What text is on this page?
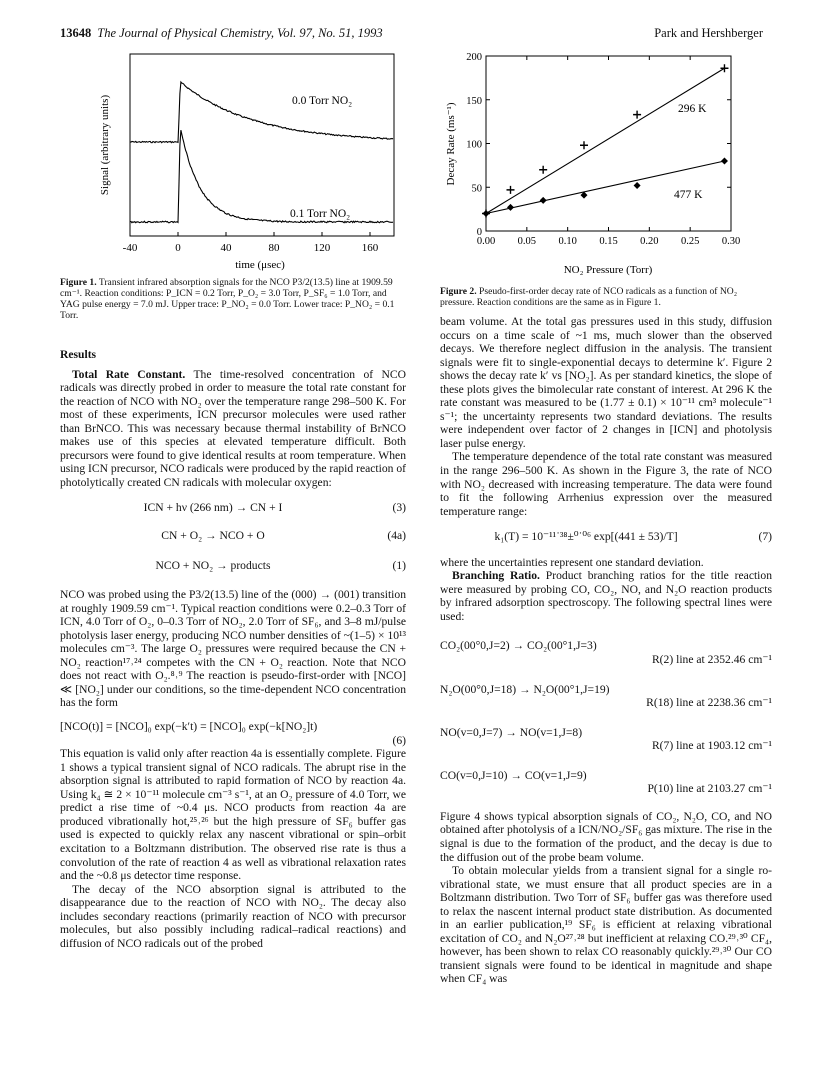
13648 The Journal of Physical Chemistry, Vol. 97, No. 51, 1993	Park and Hershberger
Signal (arbitrary units)
-40	0	40	80	120	160
time (μsec)
0.0 Torr NO₂
0.1 Torr NO₂
Figure 1. Transient infrared absorption signals for the NCO P3/2(13.5) line at 1909.59 cm⁻¹. Reaction conditions: P_ICN = 0.2 Torr, P_O₂ = 3.0 Torr, P_SF₆ = 1.0 Torr, and YAG pulse energy = 7.0 mJ. Upper trace: P_NO₂ = 0.0 Torr. Lower trace: P_NO₂ = 0.1 Torr.
Decay Rate (ms⁻¹)
NO₂ Pressure (Torr)
0.00 0.05 0.10 0.15 0.20 0.25 0.30
0
50
100
150
200
296 K
477 K
Figure 2. Pseudo-first-order decay rate of NCO radicals as a function of NO₂ pressure. Reaction conditions are the same as in Figure 1.
Results

Total Rate Constant. The time-resolved concentration of NCO radicals was directly probed in order to measure the total rate constant for the reaction of NCO with NO₂ over the temperature range 298–500 K. For most of these experiments, ICN precursor molecules were used rather than BrNCO. This was necessary because thermal instability of BrNCO makes use of this species at elevated temperature difficult. Both precursors were found to give identical results at room temperature. When using ICN precursor, NCO radicals were produced by the rapid reaction of photolytically created CN radicals with molecular oxygen:

ICN + hν (266 nm) → CN + I	(3)
CN + O₂ → NCO + O	(4a)
NCO + NO₂ → products	(1)

NCO was probed using the P3/2(13.5) line of the (000) → (001) transition at roughly 1909.59 cm⁻¹. Typical reaction conditions were 0.2–0.3 Torr of ICN, 4.0 Torr of O₂, 0–0.3 Torr of NO₂, 2.0 Torr of SF₆, and 3–8 mJ/pulse photolysis laser energy, producing NCO number densities of ~(1–5) × 10¹³ molecules cm⁻³. The large O₂ pressures were required because the CN + NO₂ reaction¹⁷˒²⁴ competes with the CN + O₂ reaction. Note that NCO does not react with O₂.⁸˒⁹ The reaction is pseudo-first-order with [NCO] ≪ [NO₂] under our conditions, so the time-dependent NCO concentration has the form

[NCO(t)] = [NCO]₀ exp(−k′t) = [NCO]₀ exp(−k[NO₂]t)
(6)

This equation is valid only after reaction 4a is essentially complete. Figure 1 shows a typical transient signal of NCO radicals. The abrupt rise in the absorption signal is attributed to rapid formation of NCO by reaction 4a. Using k₄ ≅ 2 × 10⁻¹¹ molecule cm⁻³ s⁻¹, at an O₂ pressure of 4.0 Torr, we predict a rise time of ~0.4 μs. NCO products from reaction 4a are produced vibrationally hot,²⁵˒²⁶ but the high pressure of SF₆ buffer gas used is expected to quickly relax any nascent vibrational or spin–orbit excitation to a Boltzmann distribution. The observed rise rate is thus a convolution of the rate of reaction 4 as well as vibrational relaxation rates and the ~0.8 μs detector time response.

The decay of the NCO absorption signal is attributed to the disappearance due to the reaction of NCO with NO₂. The decay also includes secondary reactions (primarily reaction of NCO with precursor molecules, but also possibly including radical–radical reactions) and diffusion of NCO radicals out of the probed

beam volume. At the total gas pressures used in this study, diffusion occurs on a time scale of ~1 ms, much slower than the observed decays. We therefore neglect diffusion in the analysis. The transient signals were fit to single-exponential decays to determine k′. Figure 2 shows the decay rate k′ vs [NO₂]. As per standard kinetics, the slope of these plots gives the bimolecular rate constant of interest. At 296 K the rate constant was measured to be (1.77 ± 0.1) × 10⁻¹¹ cm³ molecule⁻¹ s⁻¹; the uncertainty represents two standard deviations. The results were independent over factor of 2 changes in [ICN] and photolysis laser pulse energy.

The temperature dependence of the total rate constant was measured in the range 296–500 K. As shown in the Figure 3, the rate of NCO with NO₂ decreased with increasing temperature. The data were found to fit the following Arrhenius expression over the measured temperature range:

k₁(T) = 10⁻¹¹˙³⁸±⁰˙⁰⁶ exp[(441 ± 53)/T]	(7)

where the uncertainties represent one standard deviation.

Branching Ratio. Product branching ratios for the title reaction were measured by probing CO, CO₂, NO, and N₂O reaction products by infrared adsorption spectroscopy. The following spectral lines were used:

CO₂(00°0,J=2) → CO₂(00°1,J=3)
R(2) line at 2352.46 cm⁻¹
N₂O(00°0,J=18) → N₂O(00°1,J=19)
R(18) line at 2238.36 cm⁻¹
NO(v=0,J=7) → NO(v=1,J=8)
R(7) line at 1903.12 cm⁻¹
CO(v=0,J=10) → CO(v=1,J=9)
P(10) line at 2103.27 cm⁻¹

Figure 4 shows typical absorption signals of CO₂, N₂O, CO, and NO obtained after photolysis of a ICN/NO₂/SF₆ gas mixture. The rise in the signal is due to the formation of the product, and the decay is due to the diffusion out of the probe beam volume.

To obtain molecular yields from a transient signal for a single ro-vibrational state, we must ensure that all product species are in a Boltzmann distribution. Two Torr of SF₆ buffer gas was therefore used to relax the nascent internal product state distribution. As documented in an earlier publication,¹⁹ SF₆ is efficient at relaxing vibrational excitation of CO₂ and N₂O²⁷˒²⁸ but inefficient at relaxing CO.²⁹˒³⁰ CF₄, however, has been shown to relax CO reasonably quickly.²⁹˒³⁰ Our CO transient signals were found to be identical in magnitude and shape when CF₄ was
